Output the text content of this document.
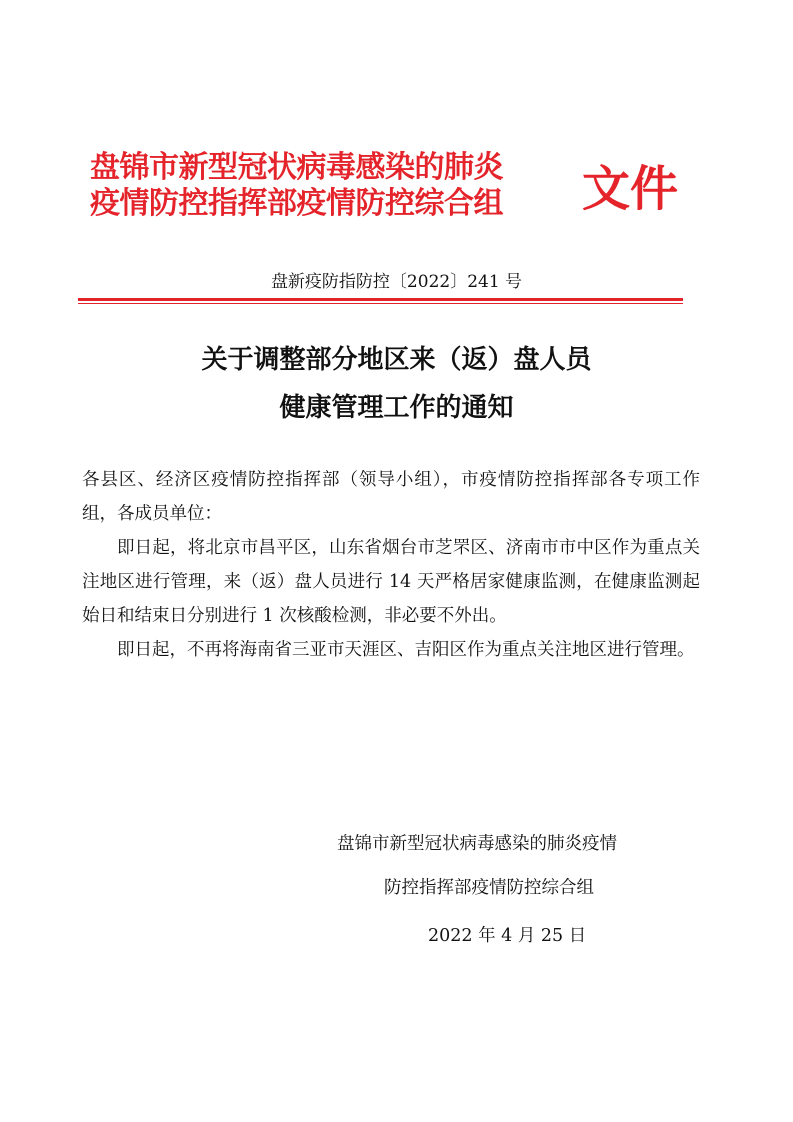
盘锦市新型冠状病毒感染的肺炎
疫情防控指挥部疫情防控综合组	文件
盘新疫防指防控〔2022〕241 号
关于调整部分地区来（返）盘人员
健康管理工作的通知

各县区、经济区疫情防控指挥部（领导小组），市疫情防控指挥部各专项工作组，各成员单位：

即日起，将北京市昌平区，山东省烟台市芝罘区、济南市市中区作为重点关注地区进行管理，来（返）盘人员进行 14 天严格居家健康监测，在健康监测起始日和结束日分别进行 1 次核酸检测，非必要不外出。

即日起，不再将海南省三亚市天涯区、吉阳区作为重点关注地区进行管理。

盘锦市新型冠状病毒感染的肺炎疫情
防控指挥部疫情防控综合组
2022 年 4 月 25 日
